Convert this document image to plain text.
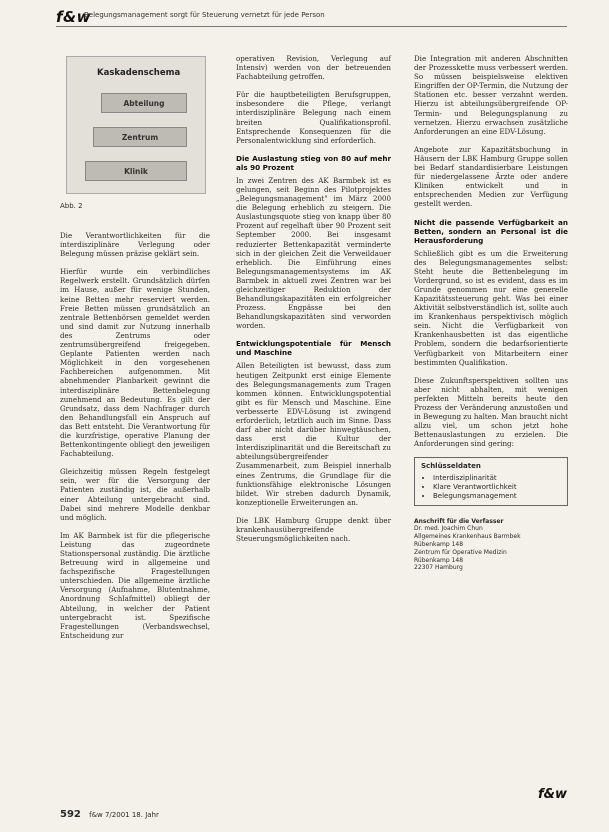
f&w
Belegungsmanagement sorgt für Steuerung vernetzt für jede Person
Kaskadenschema
Abteilung
Zentrum
Klinik
Abb. 2

Die Verantwortlichkeiten für die interdisziplinäre Verlegung oder Belegung müssen präzise geklärt sein.

Hierfür wurde ein verbindliches Regelwerk erstellt. Grundsätzlich dürfen im Hause, außer für wenige Stunden, keine Betten mehr reserviert werden. Freie Betten müssen grundsätzlich an zentrale Bettenbörsen gemeldet werden und sind damit zur Nutzung innerhalb des Zentrums oder zentrumsübergreifend freigegeben. Geplante Patienten werden nach Möglichkeit in den vorgesehenen Fachbereichen aufgenommen. Mit abnehmender Planbarkeit gewinnt die interdisziplinäre Bettenbelegung zunehmend an Bedeutung. Es gilt der Grundsatz, dass dem Nachfrager durch den Behandlungsfall ein Anspruch auf das Bett entsteht. Die Verantwortung für die kurzfristige, operative Planung der Bettenkontingente obliegt den jeweiligen Fachabteilung.

Gleichzeitig müssen Regeln festgelegt sein, wer für die Versorgung der Patienten zuständig ist, die außerhalb einer Abteilung untergebracht sind. Dabei sind mehrere Modelle denkbar und möglich.

Im AK Barmbek ist für die pflegerische Leistung das zugeordnete Stationspersonal zuständig. Die ärztliche Betreuung wird in allgemeine und fachspezifische Fragestellungen unterschieden. Die allgemeine ärztliche Versorgung (Aufnahme, Blutentnahme, Anordnung Schlafmittel) obliegt der Abteilung, in welcher der Patient untergebracht ist. Spezifische Fragestellungen (Verbandswechsel, Entscheidung zur

operativen Revision, Verlegung auf Intensiv) werden von der betreuenden Fachabteilung getroffen.

Für die hauptbeteiligten Berufsgruppen, insbesondere die Pflege, verlangt interdisziplinäre Belegung nach einem breiten Qualifikationsprofil. Entsprechende Konsequenzen für die Personalentwicklung sind erforderlich.

Die Auslastung stieg von 80 auf mehr als 90 Prozent

In zwei Zentren des AK Barmbek ist es gelungen, seit Beginn des Pilotprojektes „Belegungsmanagement" im März 2000 die Belegung erheblich zu steigern. Die Auslastungsquote stieg von knapp über 80 Prozent auf regelhaft über 90 Prozent seit September 2000. Bei insgesamt reduzierter Bettenkapazität verminderte sich in der gleichen Zeit die Verweildauer erheblich. Die Einführung eines Belegungsmanagementsystems im AK Barmbek in aktuell zwei Zentren war bei gleichzeitiger Reduktion der Behandlungskapazitäten ein erfolgreicher Prozess. Engpässe bei den Behandlungskapazitäten sind verworden worden.

Entwicklungspotentiale für Mensch und Maschine

Allen Beteiligten ist bewusst, dass zum heutigen Zeitpunkt erst einige Elemente des Belegungsmanagements zum Tragen kommen können. Entwicklungspotential gibt es für Mensch und Maschine. Eine verbesserte EDV-Lösung ist zwingend erforderlich, letztlich auch im Sinne. Dass darf aber nicht darüber hinwegtäuschen, dass erst die Kultur der Interdisziplinarität und die Bereitschaft zu abteilungsübergreifender Zusammenarbeit, zum Beispiel innerhalb eines Zentrums, die Grundlage für die funktionsfähige elektronische Lösungen bildet. Wir streben dadurch Dynamik, konzeptionelle Erweiterungen an.

Die LBK Hamburg Gruppe denkt über krankenhausübergreifende Steuerungsmöglichkeiten nach.

Die Integration mit anderen Abschnitten der Prozesskette muss verbessert werden. So müssen beispielsweise elektiven Eingriffen der OP-Termin, die Nutzung der Stationen etc. besser verzahnt werden. Hierzu ist abteilungsübergreifende OP-Termin- und Belegungsplanung zu vernetzen. Hierzu erwachsen zusätzliche Anforderungen an eine EDV-Lösung.

Angebote zur Kapazitätsbuchung in Häusern der LBK Hamburg Gruppe sollen bei Bedarf standardisierbare Leistungen für niedergelassene Ärzte oder andere Kliniken entwickelt und in entsprechenden Medien zur Verfügung gestellt werden.

Nicht die passende Verfügbarkeit an Betten, sondern an Personal ist die Herausforderung

Schließlich gibt es um die Erweiterung des Belegungsmanagementes selbst: Steht heute die Bettenbelegung im Vordergrund, so ist es evident, dass es im Grunde genommen nur eine generelle Kapazitätssteuerung geht. Was bei einer Aktivität selbstverständlich ist, sollte auch im Krankenhaus perspektivisch möglich sein. Nicht die Verfügbarkeit von Krankenhausbetten ist das eigentliche Problem, sondern die bedarfsorientierte Verfügbarkeit von Mitarbeitern einer bestimmten Qualifikation.

Diese Zukunftsperspektiven sollten uns aber nicht abhalten, mit wenigen perfekten Mitteln bereits heute den Prozess der Veränderung anzustoßen und in Bewegung zu halten. Man braucht nicht allzu viel, um schon jetzt hohe Bettenauslastungen zu erzielen. Die Anforderungen sind gering:

Schlüsseldaten
• Interdisziplinarität
• Klare Verantwortlichkeit
• Belegungsmanagement
Anschrift für die Verfasser
Dr. med. Joachim Chun
Allgemeines Krankenhaus Barmbek
Rübenkamp 148
Zentrum für Operative Medizin
Rübenkamp 148
22307 Hamburg
592 f&w 7/2001 18. Jahr
f&w
